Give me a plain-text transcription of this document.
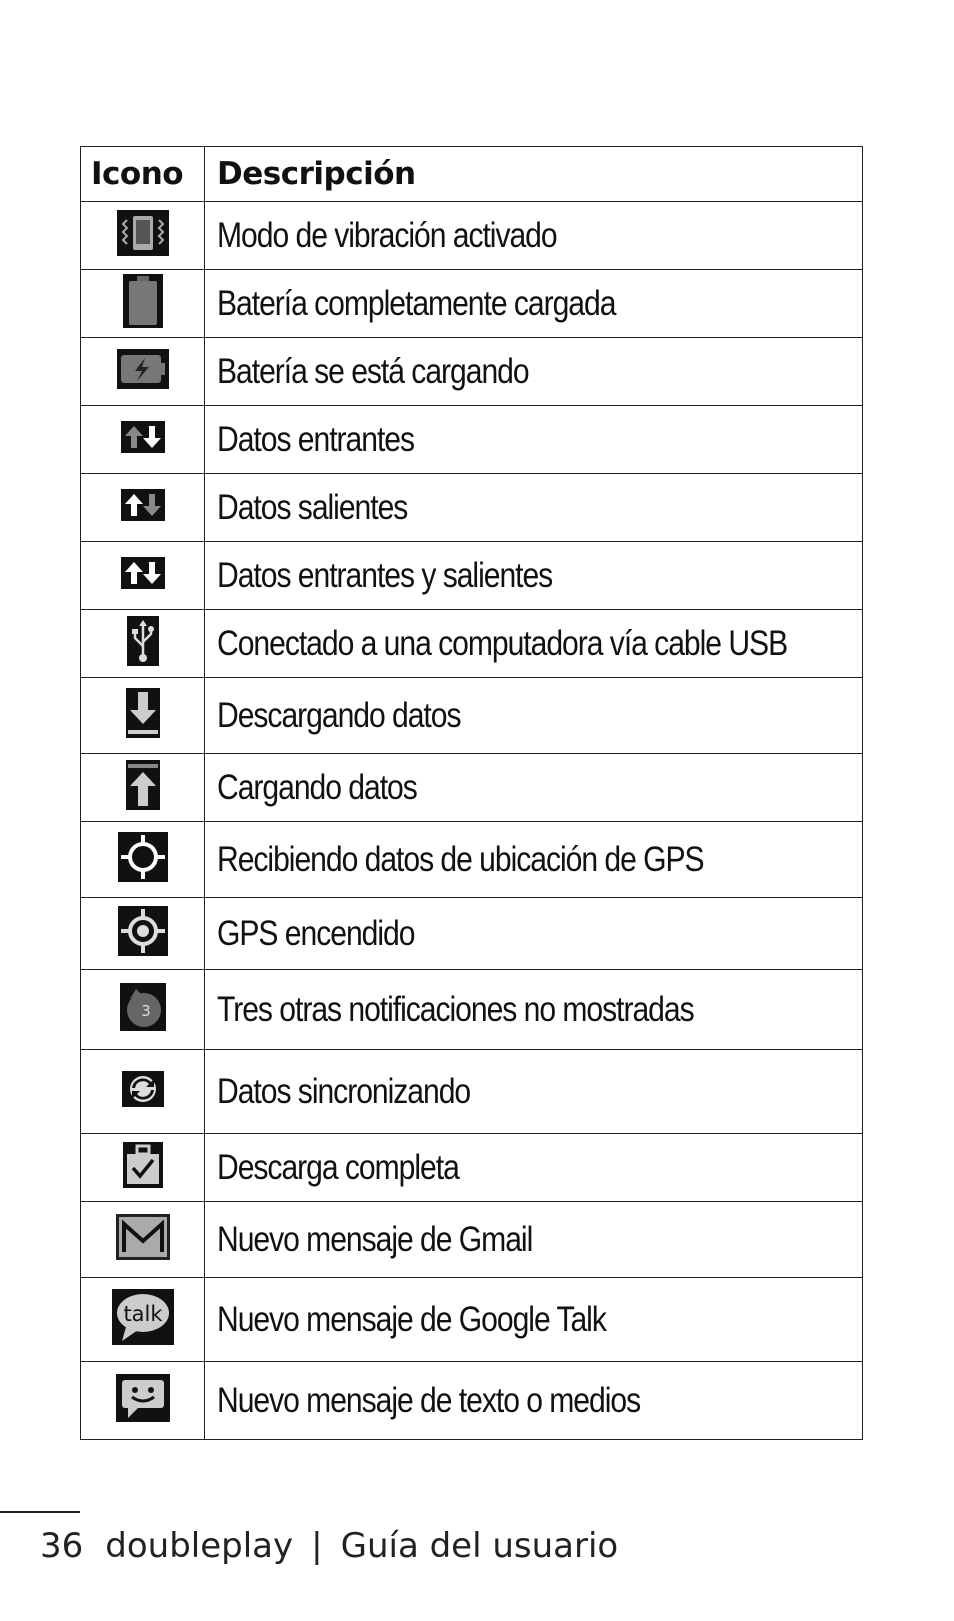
Icono	Descripción
	Modo de vibración activado
	Batería completamente cargada
	Batería se está cargando
	Datos entrantes
	Datos salientes
	Datos entrantes y salientes
	Conectado a una computadora vía cable USB
	Descargando datos
	Cargando datos
	Recibiendo datos de ubicación de GPS
	GPS encendido

3	Tres otras notificaciones no mostradas
	Datos sincronizando
	Descarga completa
	Nuevo mensaje de Gmail

talk	Nuevo mensaje de Google Talk
	Nuevo mensaje de texto o medios
36 doubleplay | Guía del usuario
